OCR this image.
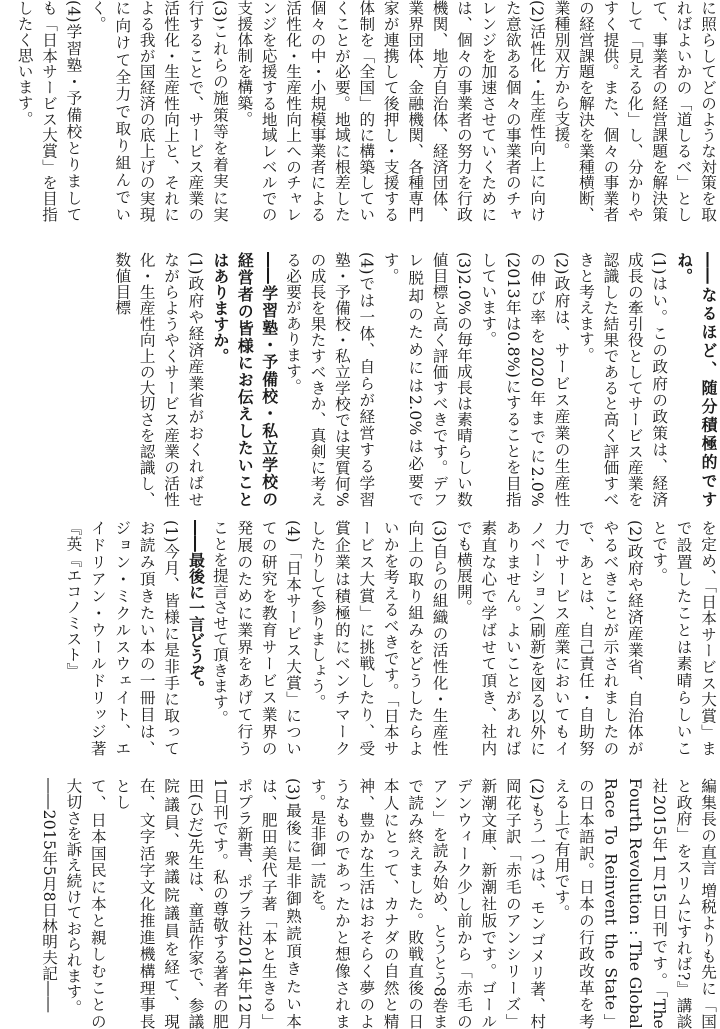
に照らしてどのような対策を取ればよいかの「道しるべ」として、事業者の経営課題を解決策して「見える化」し、分かりやすく提供。また、個々の事業者の経営課題を解決を業種横断、業種別双方から支援。

(2)活性化・生産性向上に向けた意欲ある個々の事業者のチャレンジを加速させていくためには、個々の事業者の努力を行政機関、地方自治体、経済団体、業界団体、金融機関、各種専門家が連携して後押し・支援する体制を「全国」的に構築していくことが必要。地域に根差した個々の中・小規模事業者による活性化・生産性向上へのチャレンジを応援する地域レベルでの支援体制を構築。

(3)これらの施策等を着実に実行することで、サービス産業の活性化・生産性向上と、それによる我が国経済の底上げの実現に向けて全力で取り組んでいく。

(4)学習塾・予備校とりましても「日本サービス大賞」を目指したく思います。

――なるほど、随分積極的ですね。

(1)はい。この政府の政策は、経済成長の牽引役としてサービス産業を認識した結果であると高く評価すべきと考えます。

(2)政府は、サービス産業の生産性の伸び率を2020年までに2.0%(2013年は0.8%)にすることを目指しています。

(3)2.0%の毎年成長は素晴らしい数値目標と高く評価すべきです。デフレ脱却のためには2.0%は必要です。

(4)では一体、自らが経営する学習塾・予備校・私立学校では実質何%の成長を果たすべきか、真剣に考える必要があります。

――学習塾・予備校・私立学校の経営者の皆様にお伝えしたいことはありますか。

(1)政府や経済産業省がおくればせながらようやくサービス産業の活性化・生産性向上の大切さを認識し、数値目標

を定め、「日本サービス大賞」まで設置したことは素晴らしいことです。

(2)政府や経済産業省、自治体がやるべきことが示されましたので、あとは、自己責任・自助努力でサービス産業においてもイノベーション(刷新)を図る以外にありません。よいことがあれば素直な心で学ばせて頂き、社内でも横展開。

(3)自らの組織の活性化・生産性向上の取り組みをどうしたらよいかを考えるべきです。「日本サービス大賞」に挑戦したり、受賞企業は積極的にベンチマークしたりして参りましょう。

(4)「日本サービス大賞」についての研究を教育サービス業界の発展のために業界をあげて行うことを提言させて頂きます。

――最後に一言どうぞ。

(1)今月、皆様に是非手に取ってお読み頂きたい本の一冊目は、ジョン・ミクルスウェイト、エイドリアン・ウールドリッジ著『英『エコノミスト』

編集長の直言 増税よりも先に「国と政府」をスリムにすれば?』講談社2015年1月15日刊です。「The Fourth Revolution : The Global Race To Reinvent the State」の日本語訳。日本の行政改革を考える上で有用です。

(2)もう一つは、モンゴメリ著、村岡花子訳「赤毛のアンシリーズ」新潮文庫、新潮社版です。ゴールデンウィーク少し前から「赤毛のアン」を読み始め、とうとう8巻まで読み終えました。敗戦直後の日本人にとって、カナダの自然と精神、豊かな生活はおそらく夢のようなものであったかと想像されます。是非御一読を。

(3)最後に是非御熟読頂きたい本は、肥田美代子著「本と生きる」ポプラ新書、ポプラ社2014年12月1日刊です。私の尊敬する著者の肥田(ひだ)先生は、童話作家で、参議院議員、衆議院議員を経て、現在、文字活字文化推進機構理事長とし

て、日本国民に本と親しむことの大切さを訴え続けておられます。

――2015年5月8日林明夫記――
